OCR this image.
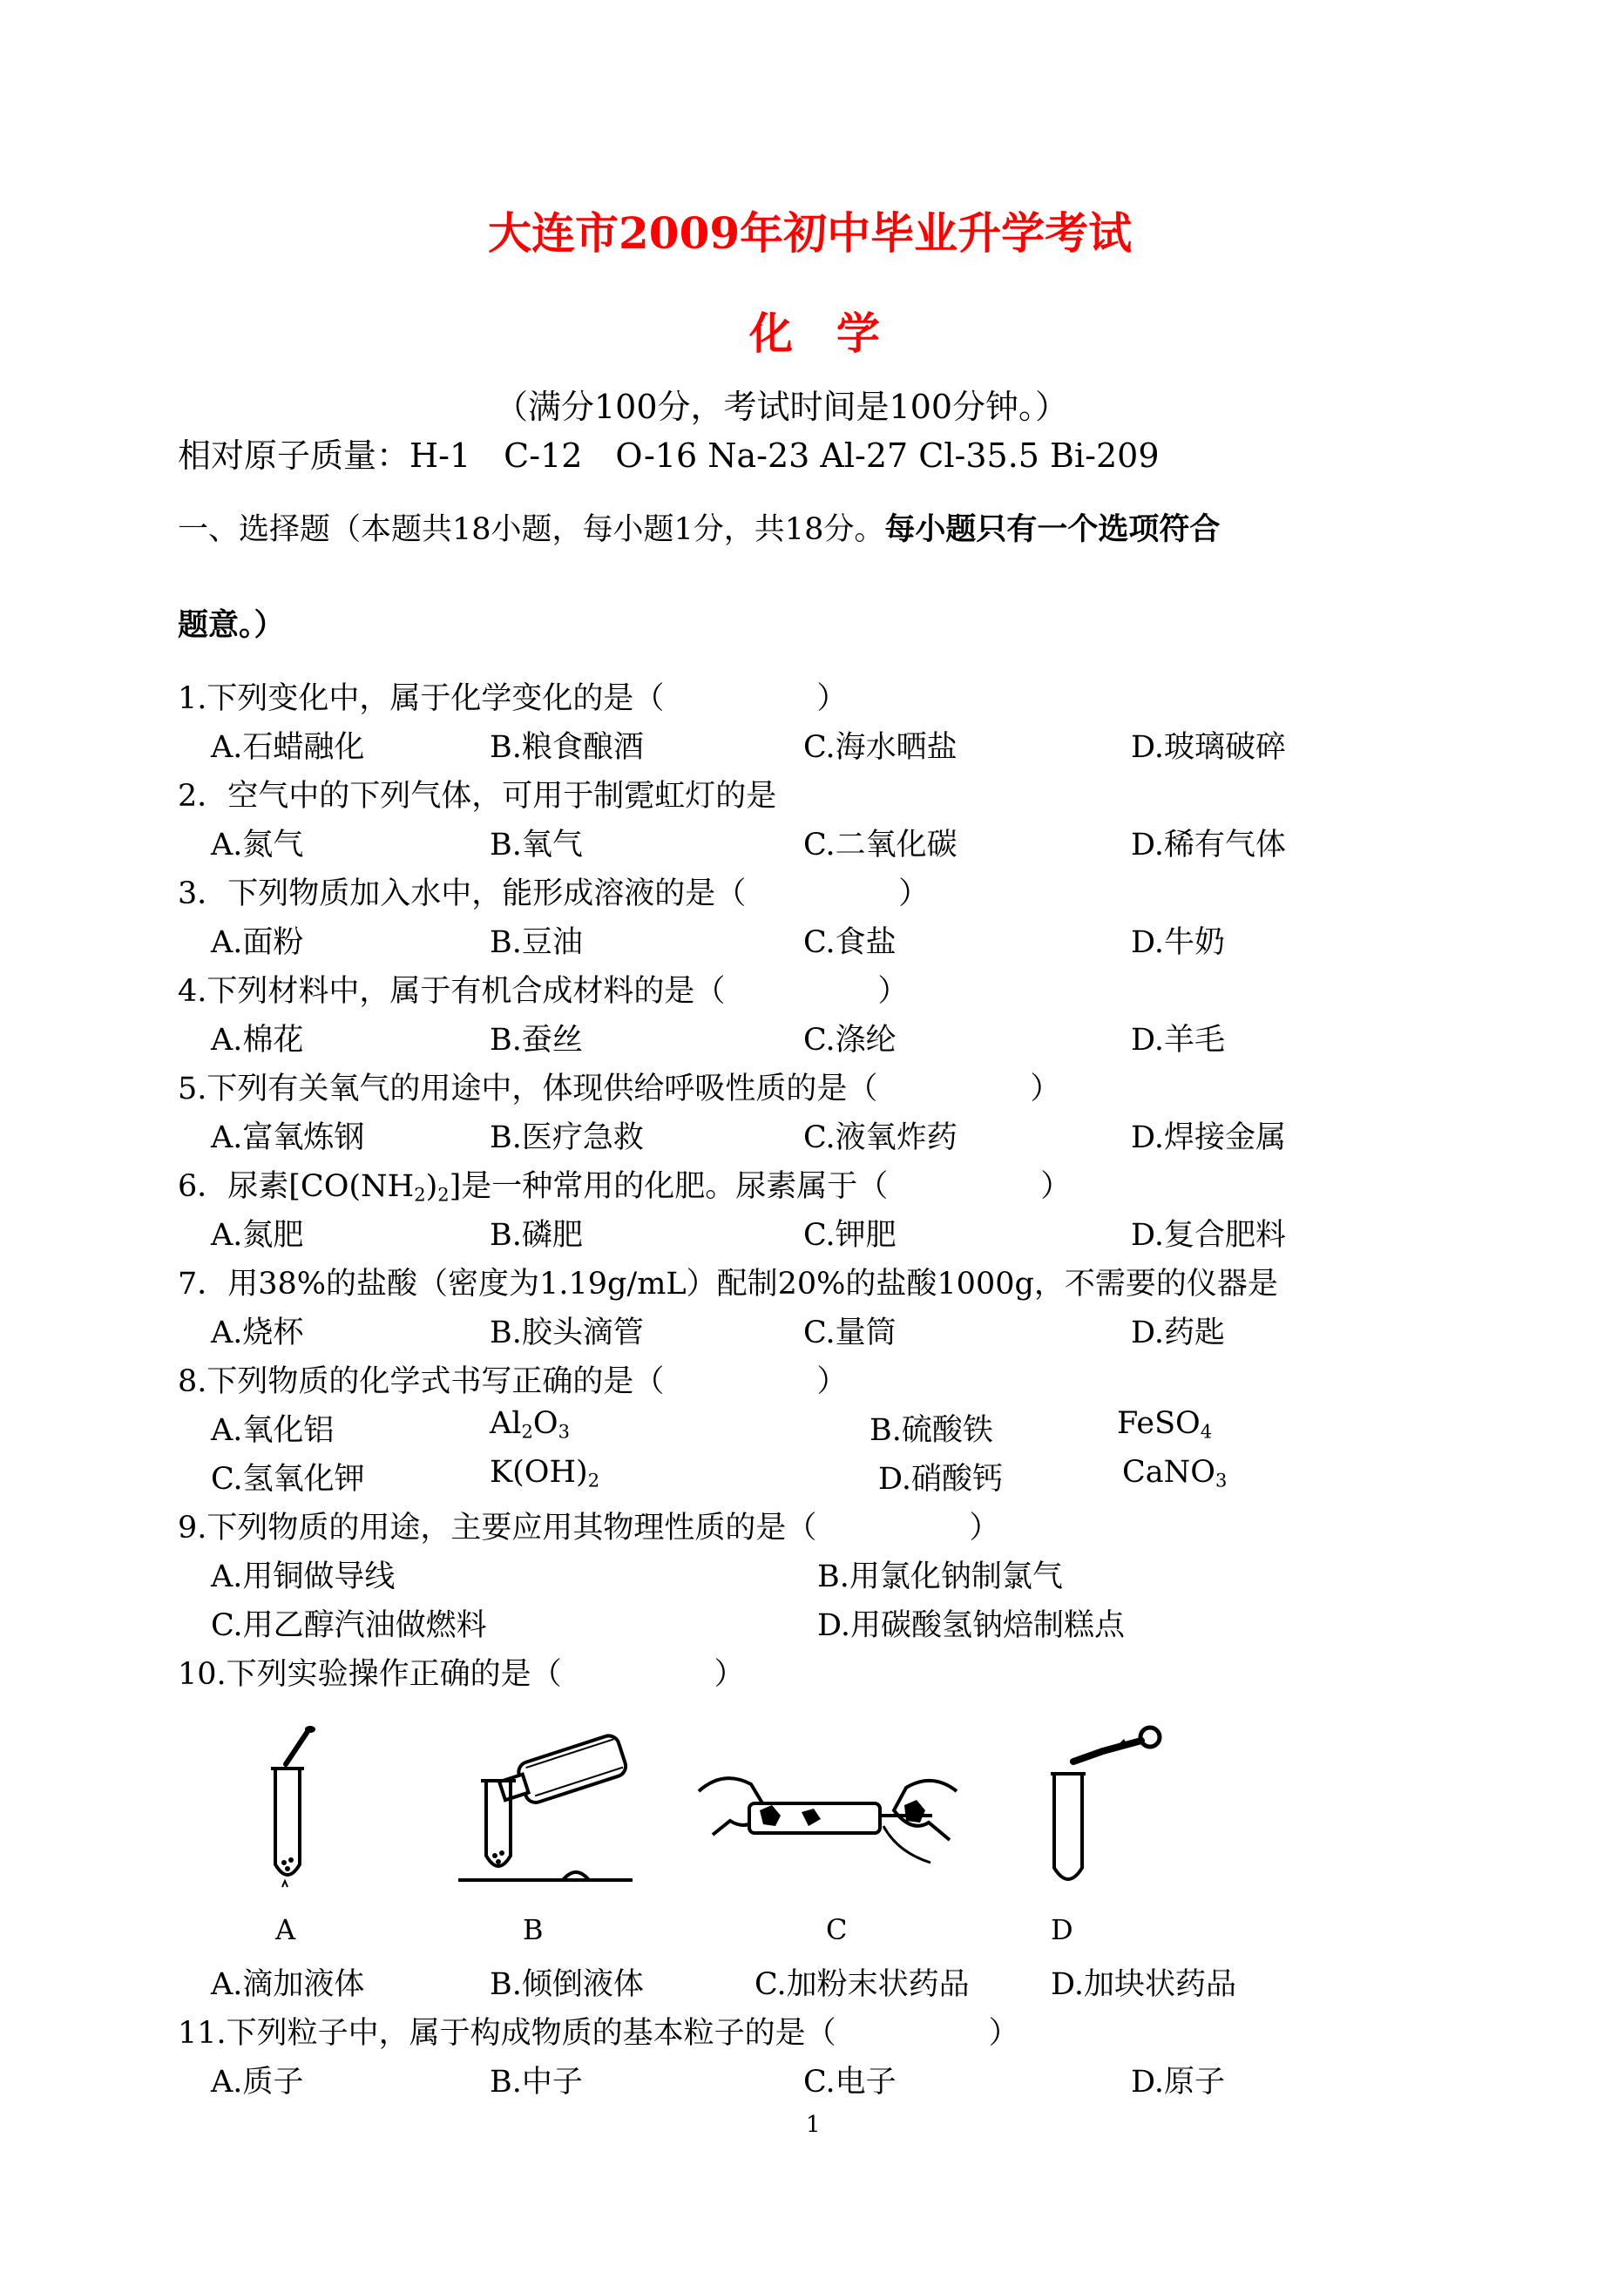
大连市2009年初中毕业升学考试
化　学
（满分100分，考试时间是100分钟。）
相对原子质量：H-1　C-12　O-16 Na-23 Al-27 Cl-35.5 Bi-209
一、选择题（本题共18小题，每小题1分，共18分。每小题只有一个选项符合
题意。）
1.下列变化中，属于化学变化的是（　　　　　）
A.石蜡融化	B.粮食酿酒	C.海水晒盐	D.玻璃破碎
2．空气中的下列气体，可用于制霓虹灯的是
A.氮气	B.氧气	C.二氧化碳	D.稀有气体
3．下列物质加入水中，能形成溶液的是（　　　　　）
A.面粉	B.豆油	C.食盐	D.牛奶
4.下列材料中，属于有机合成材料的是（　　　　　）
A.棉花	B.蚕丝	C.涤纶	D.羊毛
5.下列有关氧气的用途中，体现供给呼吸性质的是（　　　　　）
A.富氧炼钢	B.医疗急救	C.液氧炸药	D.焊接金属
6．尿素$[CO(NH_2)_2]$是一种常用的化肥。尿素属于（　　　　　）
A.氮肥	B.磷肥	C.钾肥	D.复合肥料
7．用38%的盐酸（密度为1.19g/mL）配制20%的盐酸1000g，不需要的仪器是
A.烧杯	B.胶头滴管	C.量筒	D.药匙
8.下列物质的化学式书写正确的是（　　　　　）
A.氧化铝	$Al_2O_3$	B.硫酸铁	FeSO$_4$
C.氢氧化钾	$K(OH)_2$	D.硝酸钙	CaNO$_3$
9.下列物质的用途，主要应用其物理性质的是（　　　　　）
A.用铜做导线	B.用氯化钠制氯气
C.用乙醇汽油做燃料	D.用碳酸氢钠焙制糕点
10.下列实验操作正确的是（　　　　　）
A	B	C	D
A.滴加液体	B.倾倒液体	C.加粉末状药品	D.加块状药品
11.下列粒子中，属于构成物质的基本粒子的是（　　　　　）
A.质子	B.中子	C.电子	D.原子
1
